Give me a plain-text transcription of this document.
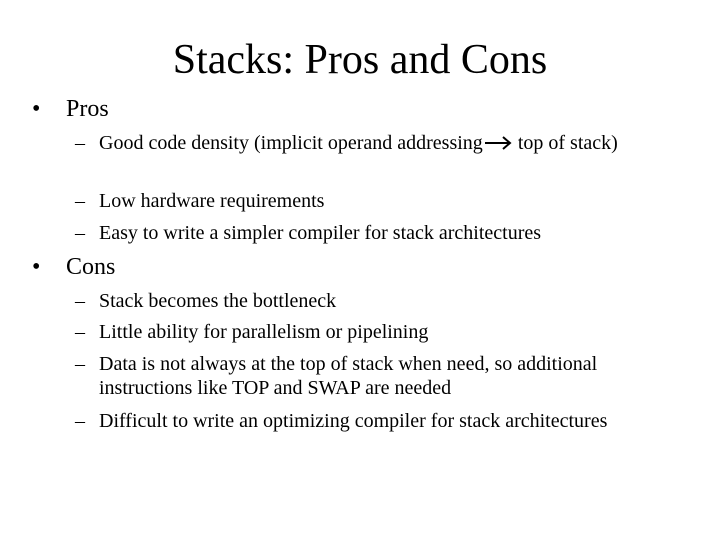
Stacks: Pros and Cons
• Pros
– Good code density (implicit operand addressing top of stack)
– Low hardware requirements
– Easy to write a simpler compiler for stack architectures
• Cons
– Stack becomes the bottleneck
– Little ability for parallelism or pipelining
– Data is not always at the top of stack when need, so additional instructions like TOP and SWAP are needed
– Difficult to write an optimizing compiler for stack architectures
